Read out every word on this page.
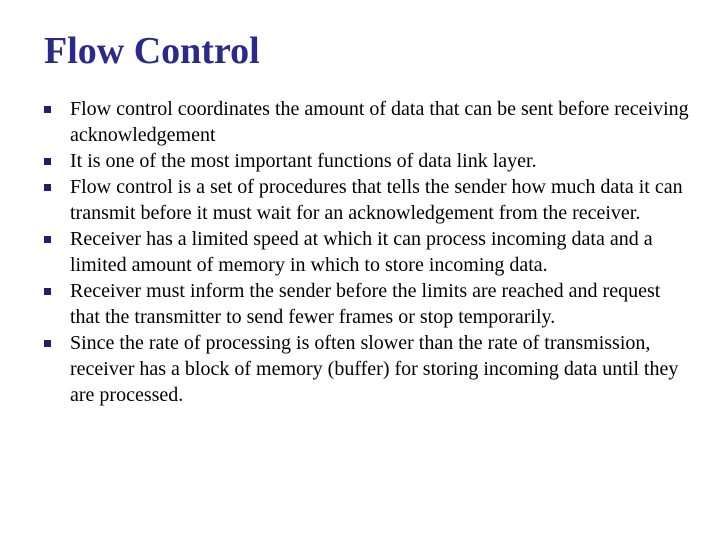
Flow Control
Flow control coordinates the amount of data that can be sent before receiving acknowledgement
It is one of the most important functions of data link layer.
Flow control is a set of procedures that tells the sender how much data it can transmit before it must wait for an acknowledgement from the receiver.
Receiver has a limited speed at which it can process incoming data and a limited amount of memory in which to store incoming data.
Receiver must inform the sender before the limits are reached and request that the transmitter to send fewer frames or stop temporarily.
Since the rate of processing is often slower than the rate of transmission, receiver has a block of memory (buffer) for storing incoming data until they are processed.
